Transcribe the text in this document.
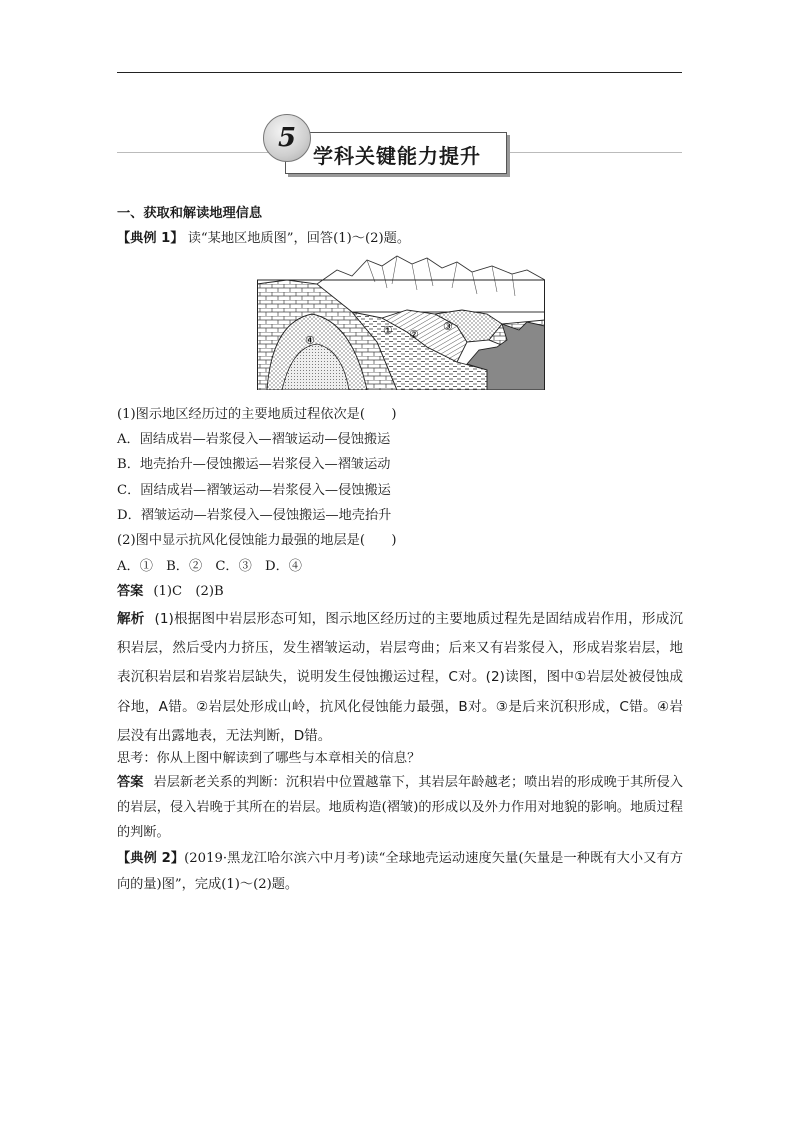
5
学科关键能力提升
一、获取和解读地理信息
【典例 1】 读“某地区地质图”，回答(1)～(2)题。
① ②
③
④
(1)图示地区经历过的主要地质过程依次是(　　)
A．固结成岩—岩浆侵入—褶皱运动—侵蚀搬运
B．地壳抬升—侵蚀搬运—岩浆侵入—褶皱运动
C．固结成岩—褶皱运动—岩浆侵入—侵蚀搬运
D．褶皱运动—岩浆侵入—侵蚀搬运—地壳抬升
(2)图中显示抗风化侵蚀能力最强的地层是(　　)
A．①　B．②　C．③　D．④
答案 (1)C　(2)B
解析 (1)根据图中岩层形态可知，图示地区经历过的主要地质过程先是固结成岩作用，形成沉积岩层，然后受内力挤压，发生褶皱运动，岩层弯曲；后来又有岩浆侵入，形成岩浆岩层，地表沉积岩层和岩浆岩层缺失，说明发生侵蚀搬运过程，C对。(2)读图，图中①岩层处被侵蚀成谷地，A错。②岩层处形成山岭，抗风化侵蚀能力最强，B对。③是后来沉积形成，C错。④岩层没有出露地表，无法判断，D错。
思考：你从上图中解读到了哪些与本章相关的信息？
答案 岩层新老关系的判断：沉积岩中位置越靠下，其岩层年龄越老；喷出岩的形成晚于其所侵入的岩层，侵入岩晚于其所在的岩层。地质构造(褶皱)的形成以及外力作用对地貌的影响。地质过程的判断。
【典例 2】(2019·黑龙江哈尔滨六中月考)读“全球地壳运动速度矢量(矢量是一种既有大小又有方向的量)图”，完成(1)～(2)题。
